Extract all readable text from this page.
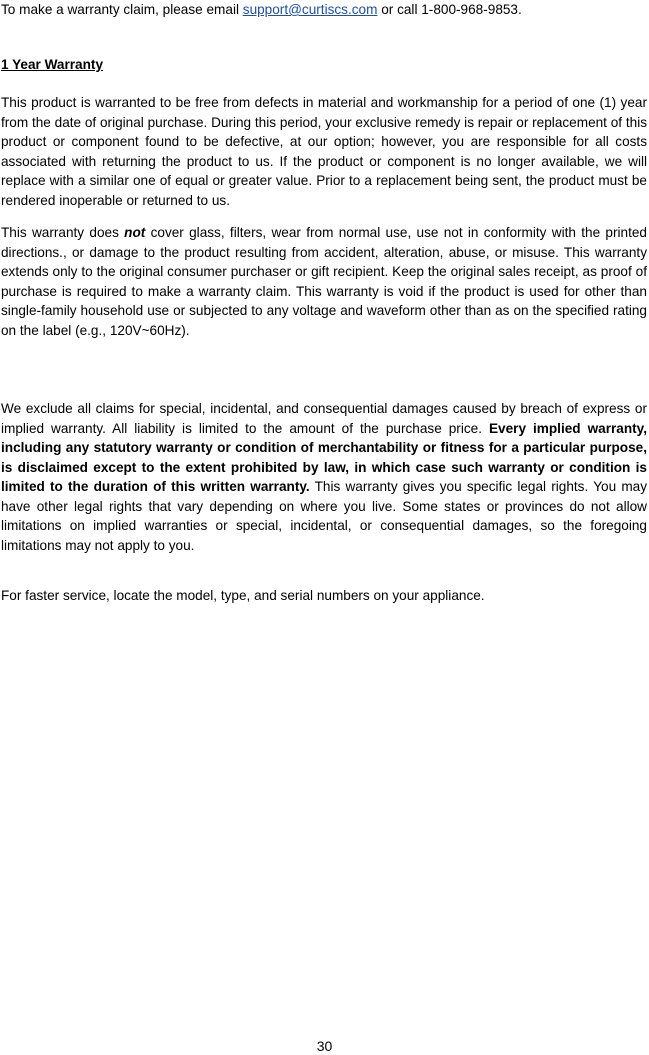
To make a warranty claim, please email support@curtiscs.com or call 1-800-968-9853.
1 Year Warranty

This product is warranted to be free from defects in material and workmanship for a period of one (1) year from the date of original purchase. During this period, your exclusive remedy is repair or replacement of this product or component found to be defective, at our option; however, you are responsible for all costs associated with returning the product to us. If the product or component is no longer available, we will replace with a similar one of equal or greater value. Prior to a replacement being sent, the product must be rendered inoperable or returned to us.

This warranty does not cover glass, filters, wear from normal use, use not in conformity with the printed directions., or damage to the product resulting from accident, alteration, abuse, or misuse. This warranty extends only to the original consumer purchaser or gift recipient. Keep the original sales receipt, as proof of purchase is required to make a warranty claim. This warranty is void if the product is used for other than single-family household use or subjected to any voltage and waveform other than as on the specified rating on the label (e.g., 120V~60Hz).

We exclude all claims for special, incidental, and consequential damages caused by breach of express or implied warranty. All liability is limited to the amount of the purchase price. Every implied warranty, including any statutory warranty or condition of merchantability or fitness for a particular purpose, is disclaimed except to the extent prohibited by law, in which case such warranty or condition is limited to the duration of this written warranty. This warranty gives you specific legal rights. You may have other legal rights that vary depending on where you live. Some states or provinces do not allow limitations on implied warranties or special, incidental, or consequential damages, so the foregoing limitations may not apply to you.

For faster service, locate the model, type, and serial numbers on your appliance.

30
